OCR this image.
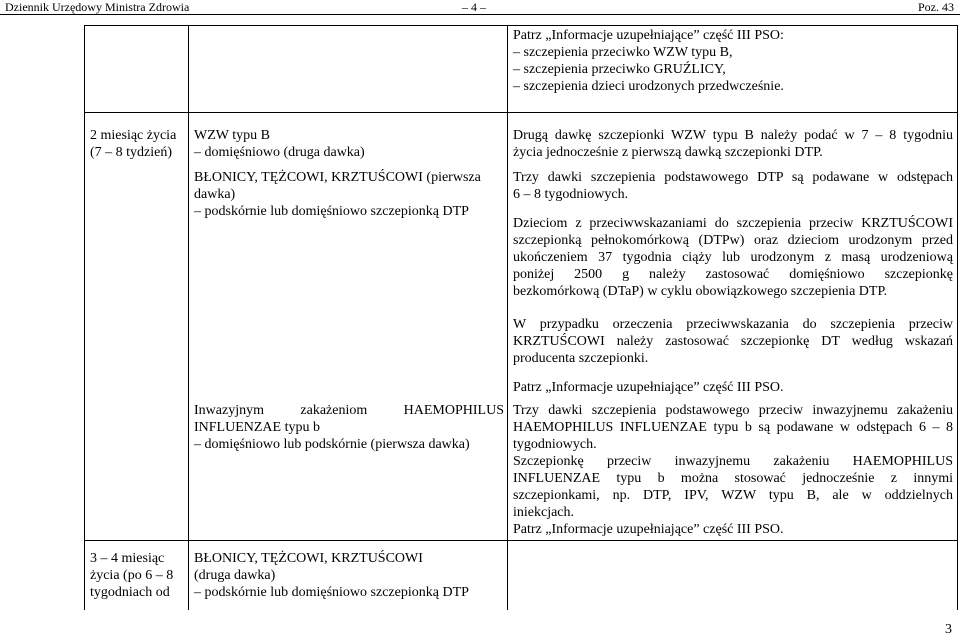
Dziennik Urzędowy Ministra Zdrowia	– 4 –	Poz. 43

Patrz „Informacje uzupełniające” część III PSO:

– szczepienia przeciwko WZW typu B,

– szczepienia przeciwko GRUŹLICY,

– szczepienia dzieci urodzonych przedwcześnie.

2 miesiąc życia

(7 – 8 tydzień)

WZW typu B

– domięśniowo (druga dawka)

BŁONICY, TĘŻCOWI, KRZTUŚCOWI (pierwsza

dawka)

– podskórnie lub domięśniowo szczepionką DTP

Drugą dawkę szczepionki WZW typu B należy podać w 7 – 8 tygodniu

życia jednocześnie z pierwszą dawką szczepionki DTP.

Trzy dawki szczepienia podstawowego DTP są podawane w odstępach

6 – 8 tygodniowych.

Dzieciom z przeciwwskazaniami do szczepienia przeciw KRZTUŚCOWI

szczepionką pełnokomórkową (DTPw) oraz dzieciom urodzonym przed

ukończeniem 37 tygodnia ciąży lub urodzonym z masą urodzeniową

poniżej 2500 g należy zastosować domięśniowo szczepionkę

bezkomórkową (DTaP) w cyklu obowiązkowego szczepienia DTP.

W przypadku orzeczenia przeciwwskazania do szczepienia przeciw

KRZTUŚCOWI należy zastosować szczepionkę DT według wskazań

producenta szczepionki.

Patrz „Informacje uzupełniające” część III PSO.

Inwazyjnym zakażeniom HAEMOPHILUS

INFLUENZAE typu b

– domięśniowo lub podskórnie (pierwsza dawka)

Trzy dawki szczepienia podstawowego przeciw inwazyjnemu zakażeniu

HAEMOPHILUS INFLUENZAE typu b są podawane w odstępach 6 – 8

tygodniowych.

Szczepionkę przeciw inwazyjnemu zakażeniu HAEMOPHILUS

INFLUENZAE typu b można stosować jednocześnie z innymi

szczepionkami, np. DTP, IPV, WZW typu B, ale w oddzielnych

iniekcjach.

Patrz „Informacje uzupełniające” część III PSO.

3 – 4 miesiąc

życia (po 6 – 8

tygodniach od

BŁONICY, TĘŻCOWI, KRZTUŚCOWI

(druga dawka)

– podskórnie lub domięśniowo szczepionką DTP

3
